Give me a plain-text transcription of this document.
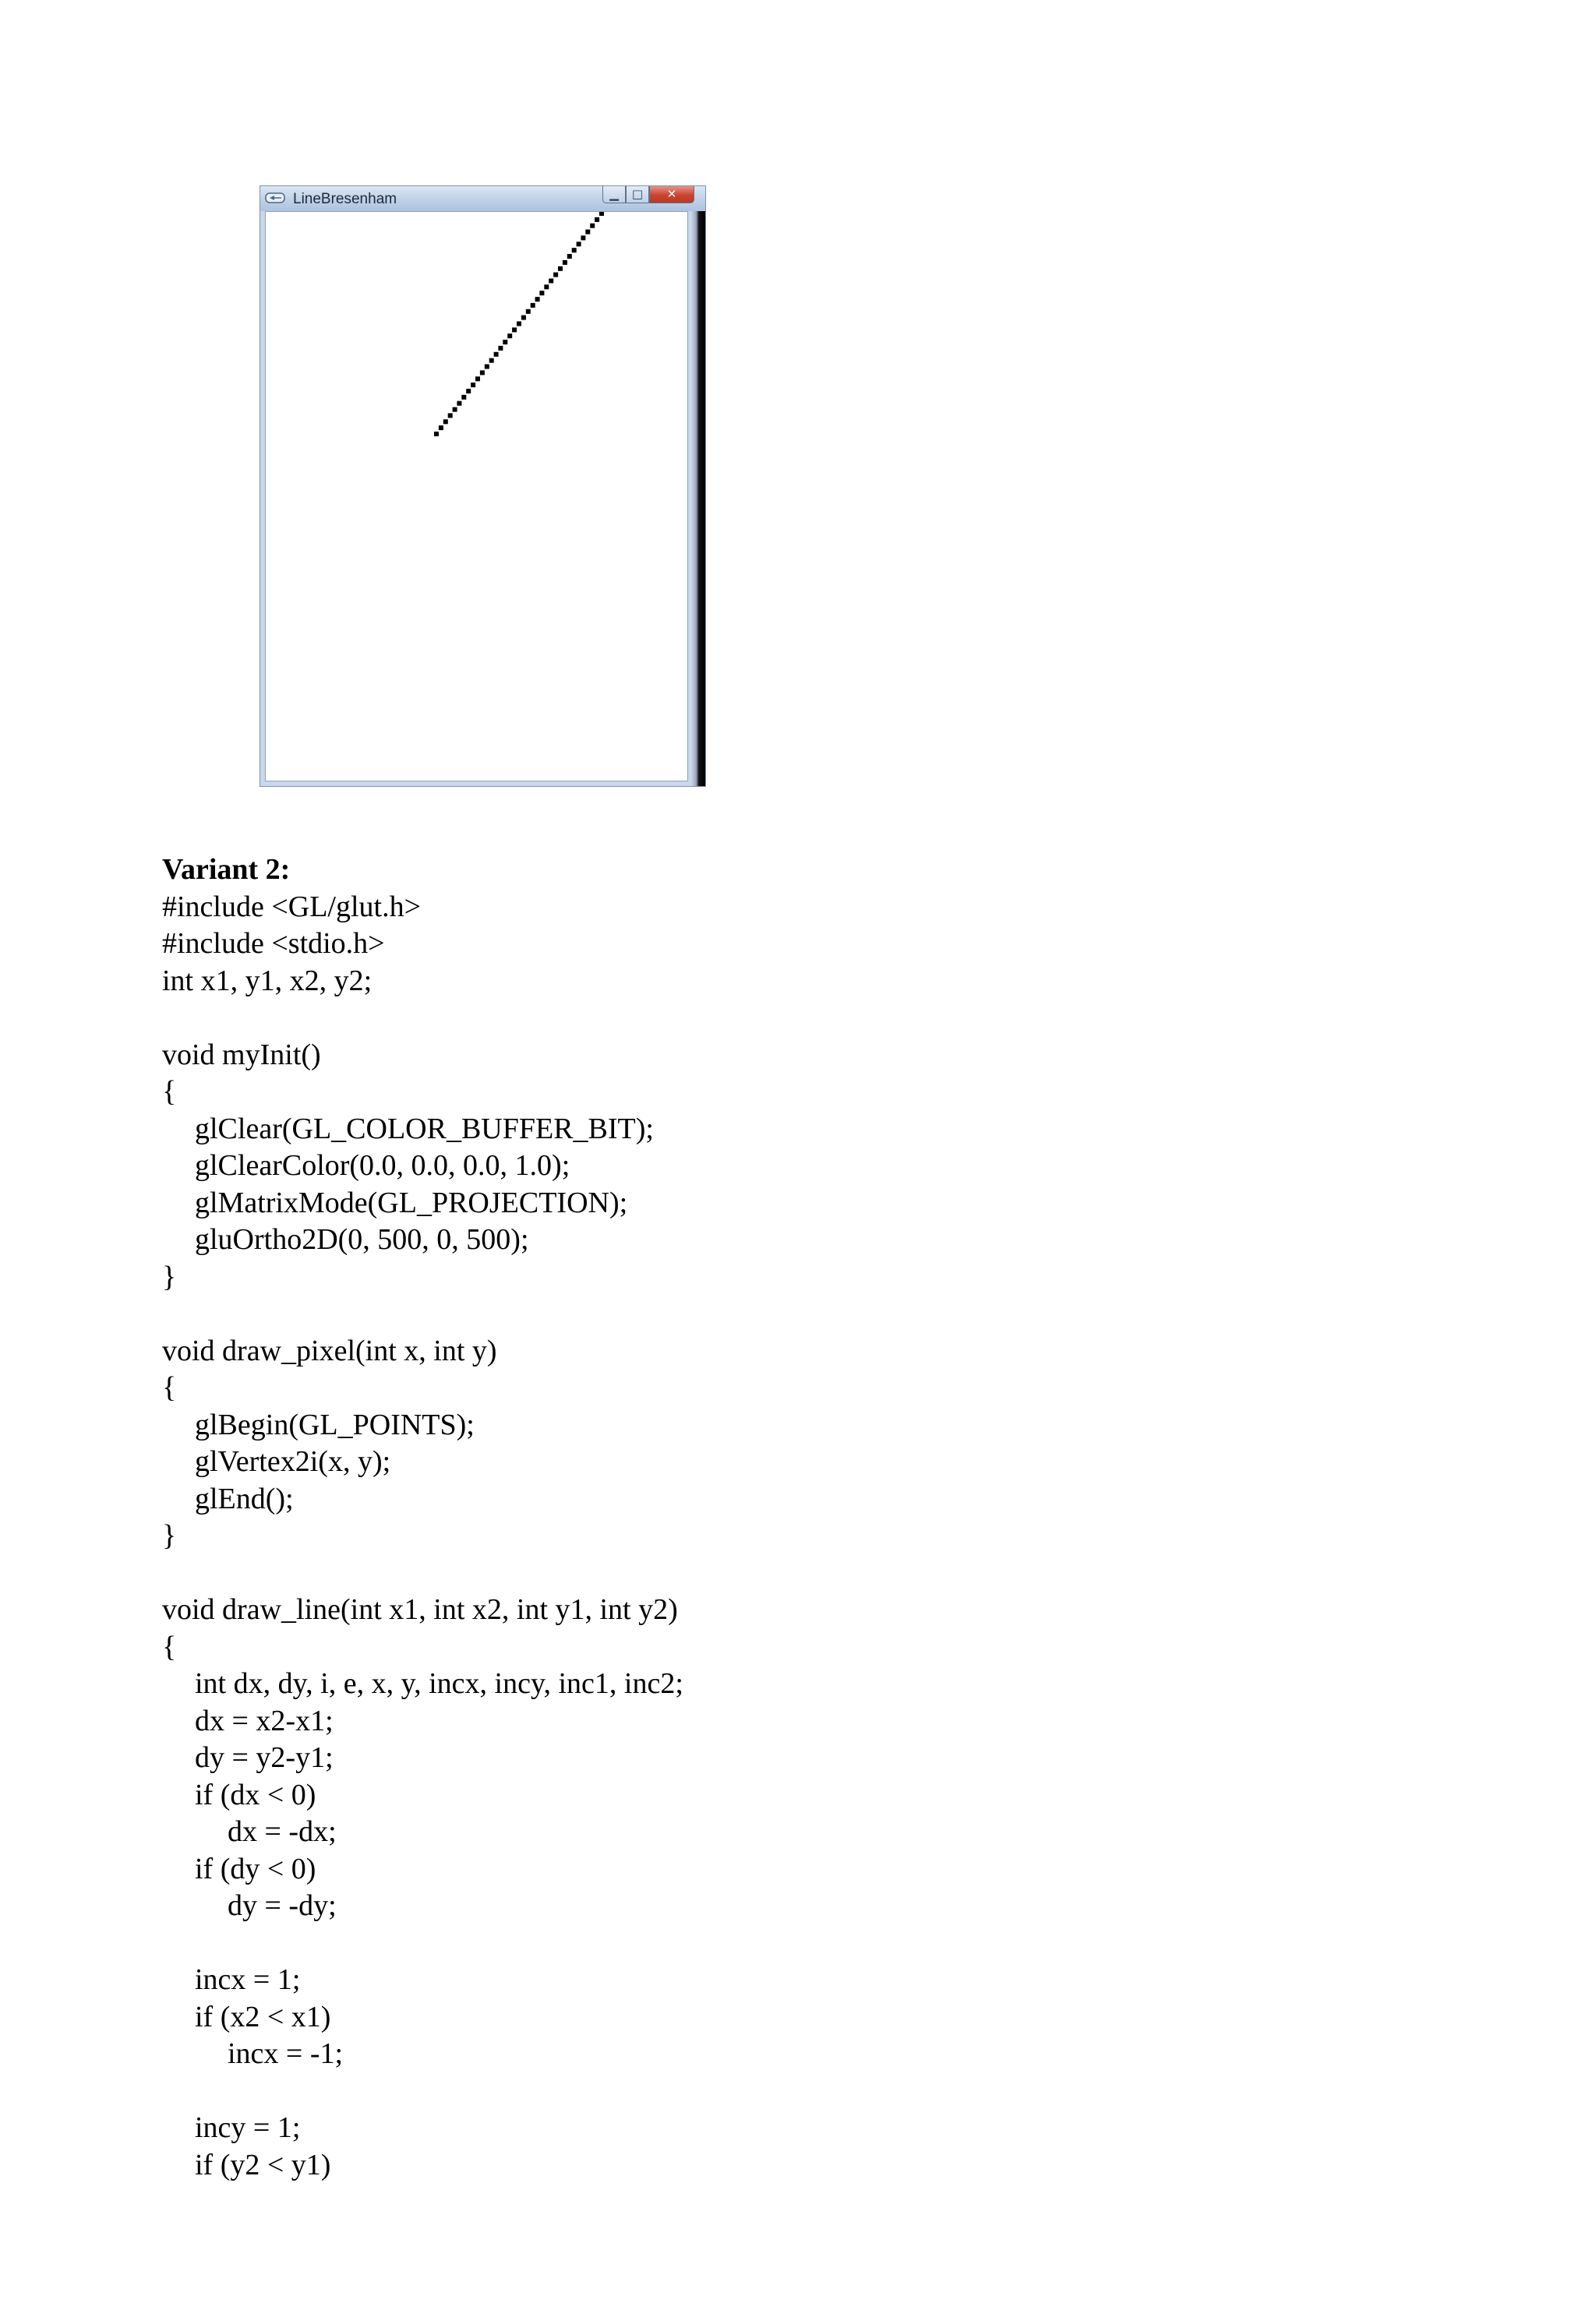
LineBresenham	▁ □ ✕
Variant 2:
#include <GL/glut.h>
#include <stdio.h>
int x1, y1, x2, y2;
void myInit()
{
glClear(GL_COLOR_BUFFER_BIT);
glClearColor(0.0, 0.0, 0.0, 1.0);
glMatrixMode(GL_PROJECTION);
gluOrtho2D(0, 500, 0, 500);
}
void draw_pixel(int x, int y)
{
glBegin(GL_POINTS);
glVertex2i(x, y);
glEnd();
}
void draw_line(int x1, int x2, int y1, int y2)
{
int dx, dy, i, e, x, y, incx, incy, inc1, inc2;
dx = x2-x1;
dy = y2-y1;
if (dx < 0)
dx = -dx;
if (dy < 0)
dy = -dy;
incx = 1;
if (x2 < x1)
incx = -1;
incy = 1;
if (y2 < y1)
